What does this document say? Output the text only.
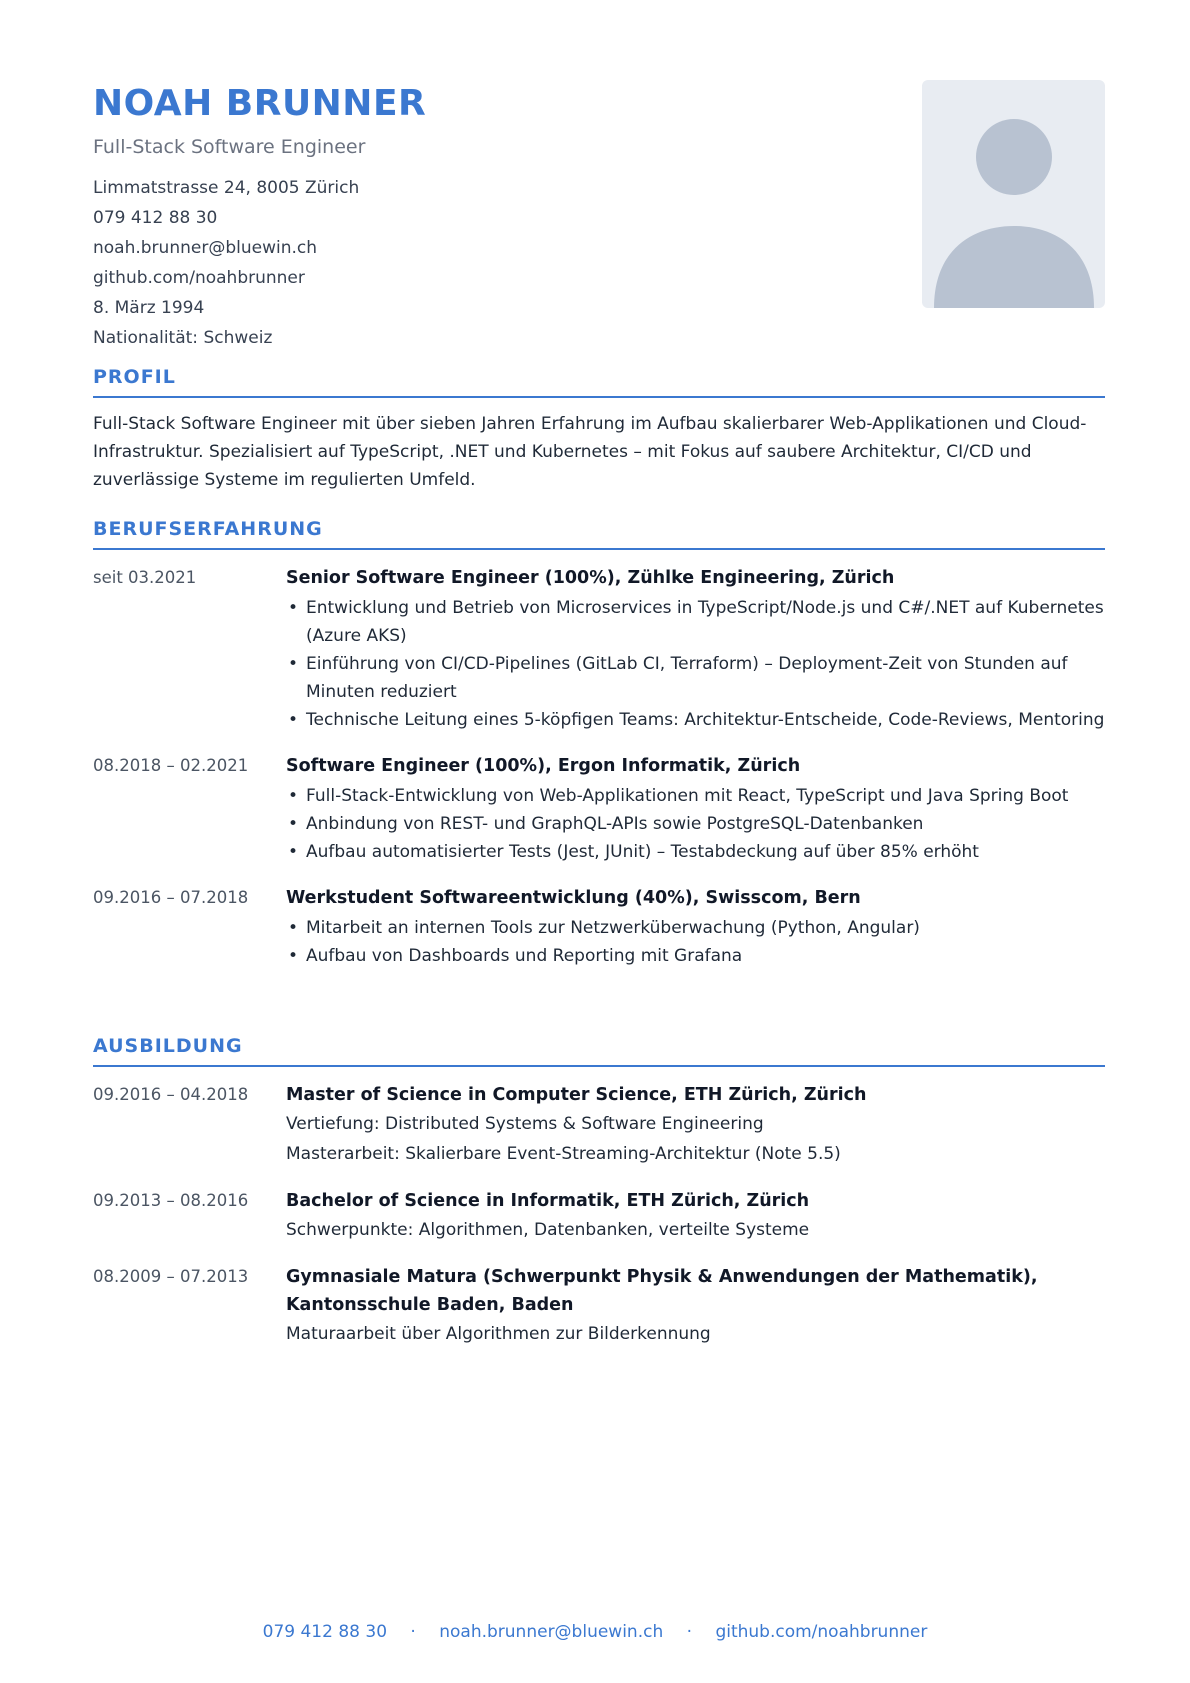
NOAH BRUNNER
Full-Stack Software Engineer
Limmatstrasse 24, 8005 Zürich
079 412 88 30
noah.brunner@bluewin.ch
github.com/noahbrunner
8. März 1994
Nationalität: Schweiz
PROFIL
Full-Stack Software Engineer mit über sieben Jahren Erfahrung im Aufbau skalierbarer Web-Applikationen und Cloud-Infrastruktur. Spezialisiert auf TypeScript, .NET und Kubernetes – mit Fokus auf saubere Architektur, CI/CD und zuverlässige Systeme im regulierten Umfeld.
BERUFSERFAHRUNG
seit 03.2021	Senior Software Engineer (100%), Zühlke Engineering, Zürich
• Entwicklung und Betrieb von Microservices in TypeScript/Node.js und C#/.NET auf Kubernetes (Azure AKS)
• Einführung von CI/CD-Pipelines (GitLab CI, Terraform) – Deployment-Zeit von Stunden auf Minuten reduziert
• Technische Leitung eines 5-köpfigen Teams: Architektur-Entscheide, Code-Reviews, Mentoring
08.2018 – 02.2021	Software Engineer (100%), Ergon Informatik, Zürich
• Full-Stack-Entwicklung von Web-Applikationen mit React, TypeScript und Java Spring Boot
• Anbindung von REST- und GraphQL-APIs sowie PostgreSQL-Datenbanken
• Aufbau automatisierter Tests (Jest, JUnit) – Testabdeckung auf über 85% erhöht
09.2016 – 07.2018	Werkstudent Softwareentwicklung (40%), Swisscom, Bern
• Mitarbeit an internen Tools zur Netzwerküberwachung (Python, Angular)
• Aufbau von Dashboards und Reporting mit Grafana
AUSBILDUNG
09.2016 – 04.2018	Master of Science in Computer Science, ETH Zürich, Zürich
Vertiefung: Distributed Systems & Software Engineering
Masterarbeit: Skalierbare Event-Streaming-Architektur (Note 5.5)
09.2013 – 08.2016	Bachelor of Science in Informatik, ETH Zürich, Zürich
Schwerpunkte: Algorithmen, Datenbanken, verteilte Systeme
08.2009 – 07.2013	Gymnasiale Matura (Schwerpunkt Physik & Anwendungen der Mathematik), Kantonsschule Baden, Baden
Maturaarbeit über Algorithmen zur Bilderkennung
079 412 88 30 · noah.brunner@bluewin.ch · github.com/noahbrunner
